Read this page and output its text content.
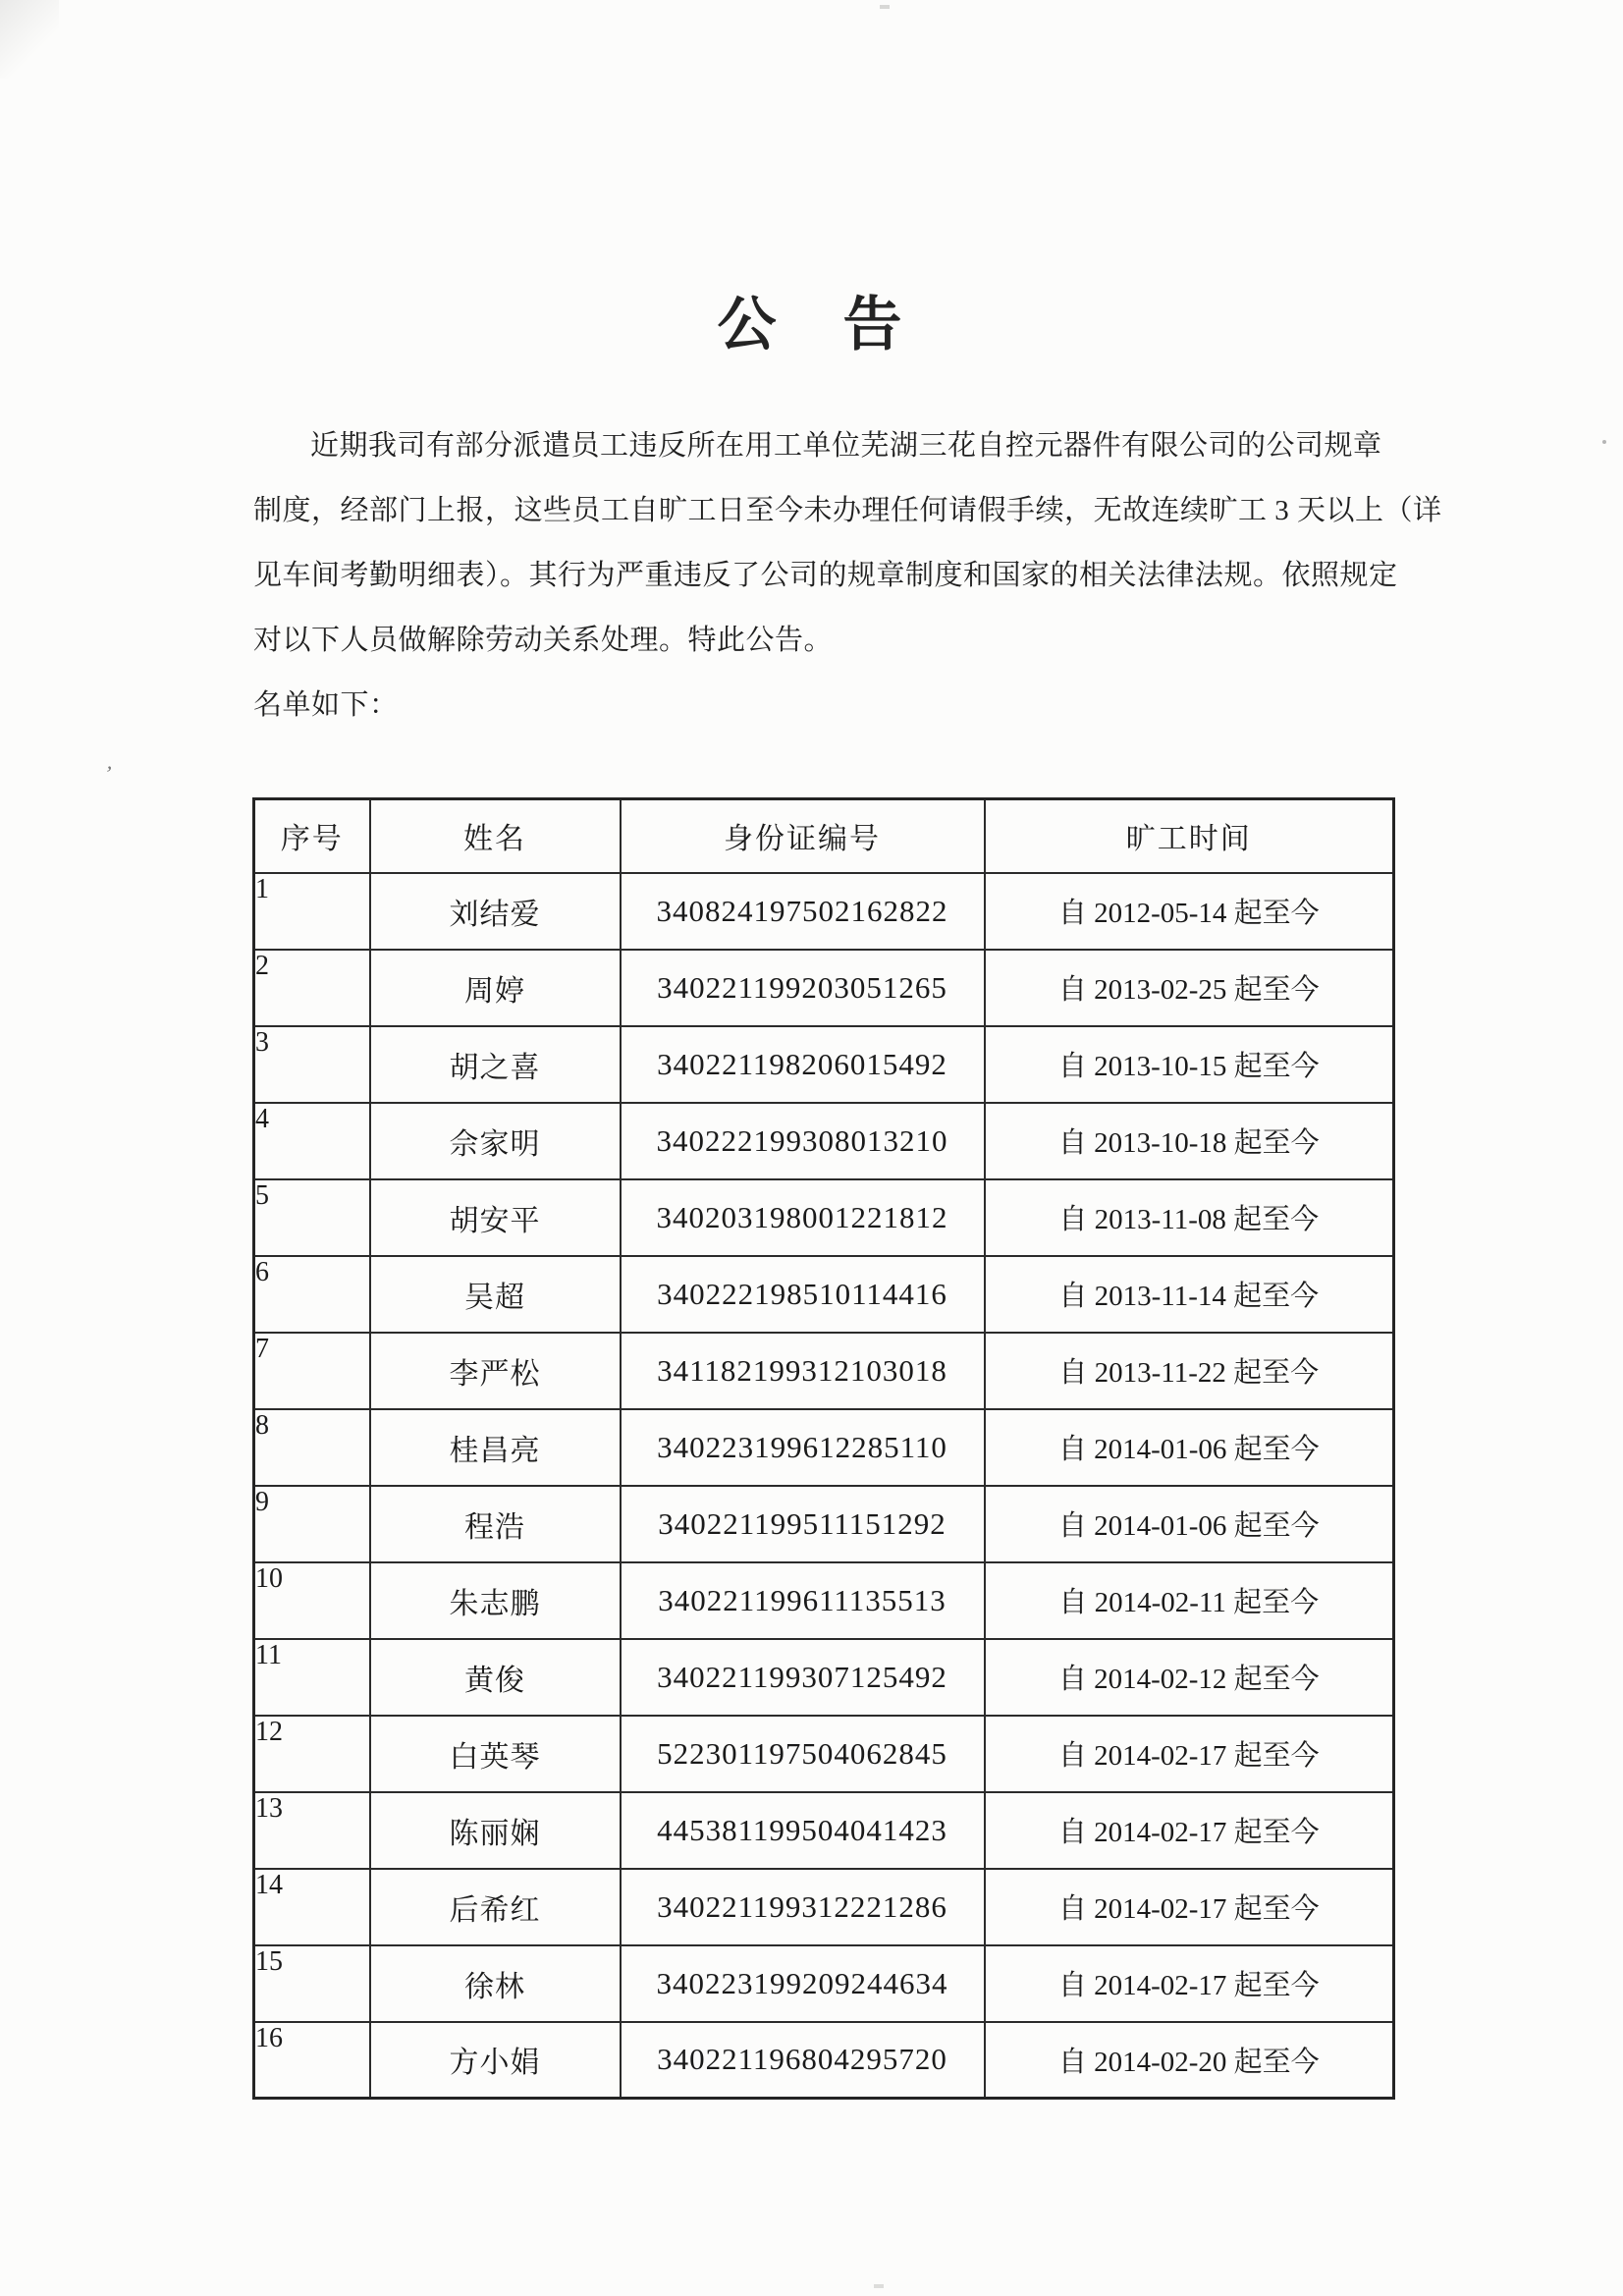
’
公　告
近期我司有部分派遣员工违反所在用工单位芜湖三花自控元器件有限公司的公司规章
制度，经部门上报，这些员工自旷工日至今未办理任何请假手续，无故连续旷工 3 天以上（详
见车间考勤明细表）。其行为严重违反了公司的规章制度和国家的相关法律法规。依照规定
对以下人员做解除劳动关系处理。特此公告。
名单如下：
序号	姓名	身份证编号	旷工时间
1	刘结爱	340824197502162822	自 2012-05-14 起至今
2	周婷	340221199203051265	自 2013-02-25 起至今
3	胡之喜	340221198206015492	自 2013-10-15 起至今
4	佘家明	340222199308013210	自 2013-10-18 起至今
5	胡安平	340203198001221812	自 2013-11-08 起至今
6	吴超	340222198510114416	自 2013-11-14 起至今
7	李严松	341182199312103018	自 2013-11-22 起至今
8	桂昌亮	340223199612285110	自 2014-01-06 起至今
9	程浩	340221199511151292	自 2014-01-06 起至今
10	朱志鹏	340221199611135513	自 2014-02-11 起至今
11	黄俊	340221199307125492	自 2014-02-12 起至今
12	白英琴	522301197504062845	自 2014-02-17 起至今
13	陈丽娴	445381199504041423	自 2014-02-17 起至今
14	后希红	340221199312221286	自 2014-02-17 起至今
15	徐林	340223199209244634	自 2014-02-17 起至今
16	方小娟	340221196804295720	自 2014-02-20 起至今
